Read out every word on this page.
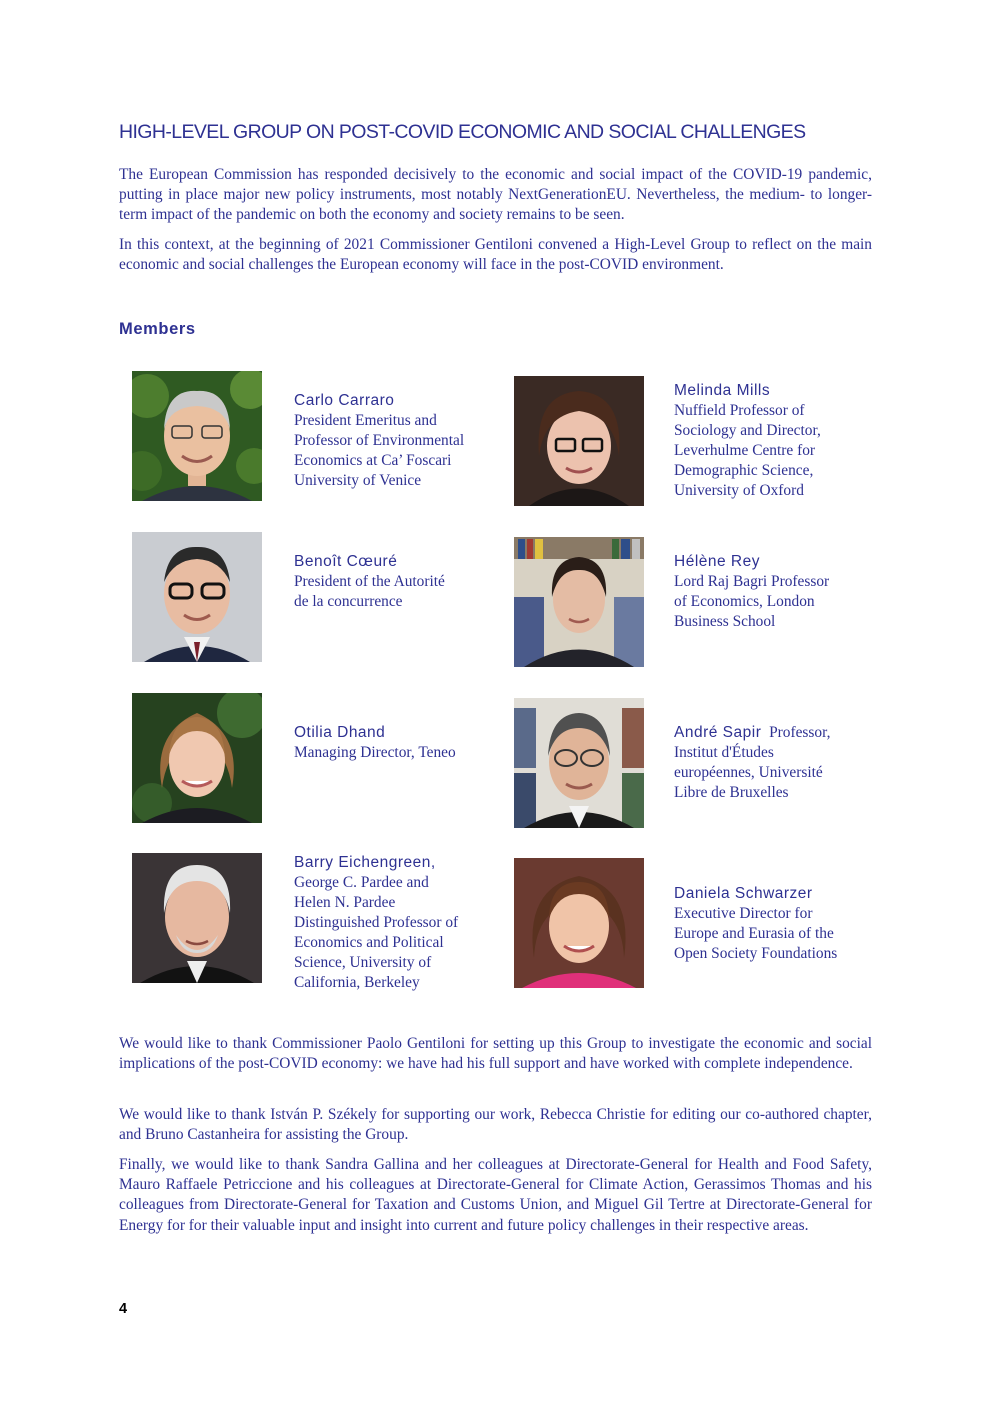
HIGH-LEVEL GROUP ON POST-COVID ECONOMIC AND SOCIAL CHALLENGES

The European Commission has responded decisively to the economic and social impact of the COVID-19 pandemic, putting in place major new policy instruments, most notably NextGenerationEU. Nevertheless, the medium- to longer-term impact of the pandemic on both the economy and society remains to be seen.

In this context, at the beginning of 2021 Commissioner Gentiloni convened a High-Level Group to reflect on the main economic and social challenges the European economy will face in the post-COVID environment.

Members
Carlo Carraro
President Emeritus and
Professor of Environmental
Economics at Ca’ Foscari
University of Venice
Melinda Mills
Nuffield Professor of
Sociology and Director,
Leverhulme Centre for
Demographic Science,
University of Oxford
Benoît Cœuré
President of the Autorité
de la concurrence
Hélène Rey
Lord Raj Bagri Professor
of Economics, London
Business School
Otilia Dhand
Managing Director, Teneo
André Sapir Professor,
Institut d'Études
européennes, Université
Libre de Bruxelles
Barry Eichengreen,
George C. Pardee and
Helen N. Pardee
Distinguished Professor of
Economics and Political
Science, University of
California, Berkeley
Daniela Schwarzer
Executive Director for
Europe and Eurasia of the
Open Society Foundations

We would like to thank Commissioner Paolo Gentiloni for setting up this Group to investigate the economic and social implications of the post-COVID economy: we have had his full support and have worked with complete independence.

We would like to thank István P. Székely for supporting our work, Rebecca Christie for editing our co-authored chapter, and Bruno Castanheira for assisting the Group.

Finally, we would like to thank Sandra Gallina and her colleagues at Directorate-General for Health and Food Safety, Mauro Raffaele Petriccione and his colleagues at Directorate-General for Climate Action, Gerassimos Thomas and his colleagues from Directorate-General for Taxation and Customs Union, and Miguel Gil Tertre at Directorate-General for Energy for for their valuable input and insight into current and future policy challenges in their respective areas.

4
